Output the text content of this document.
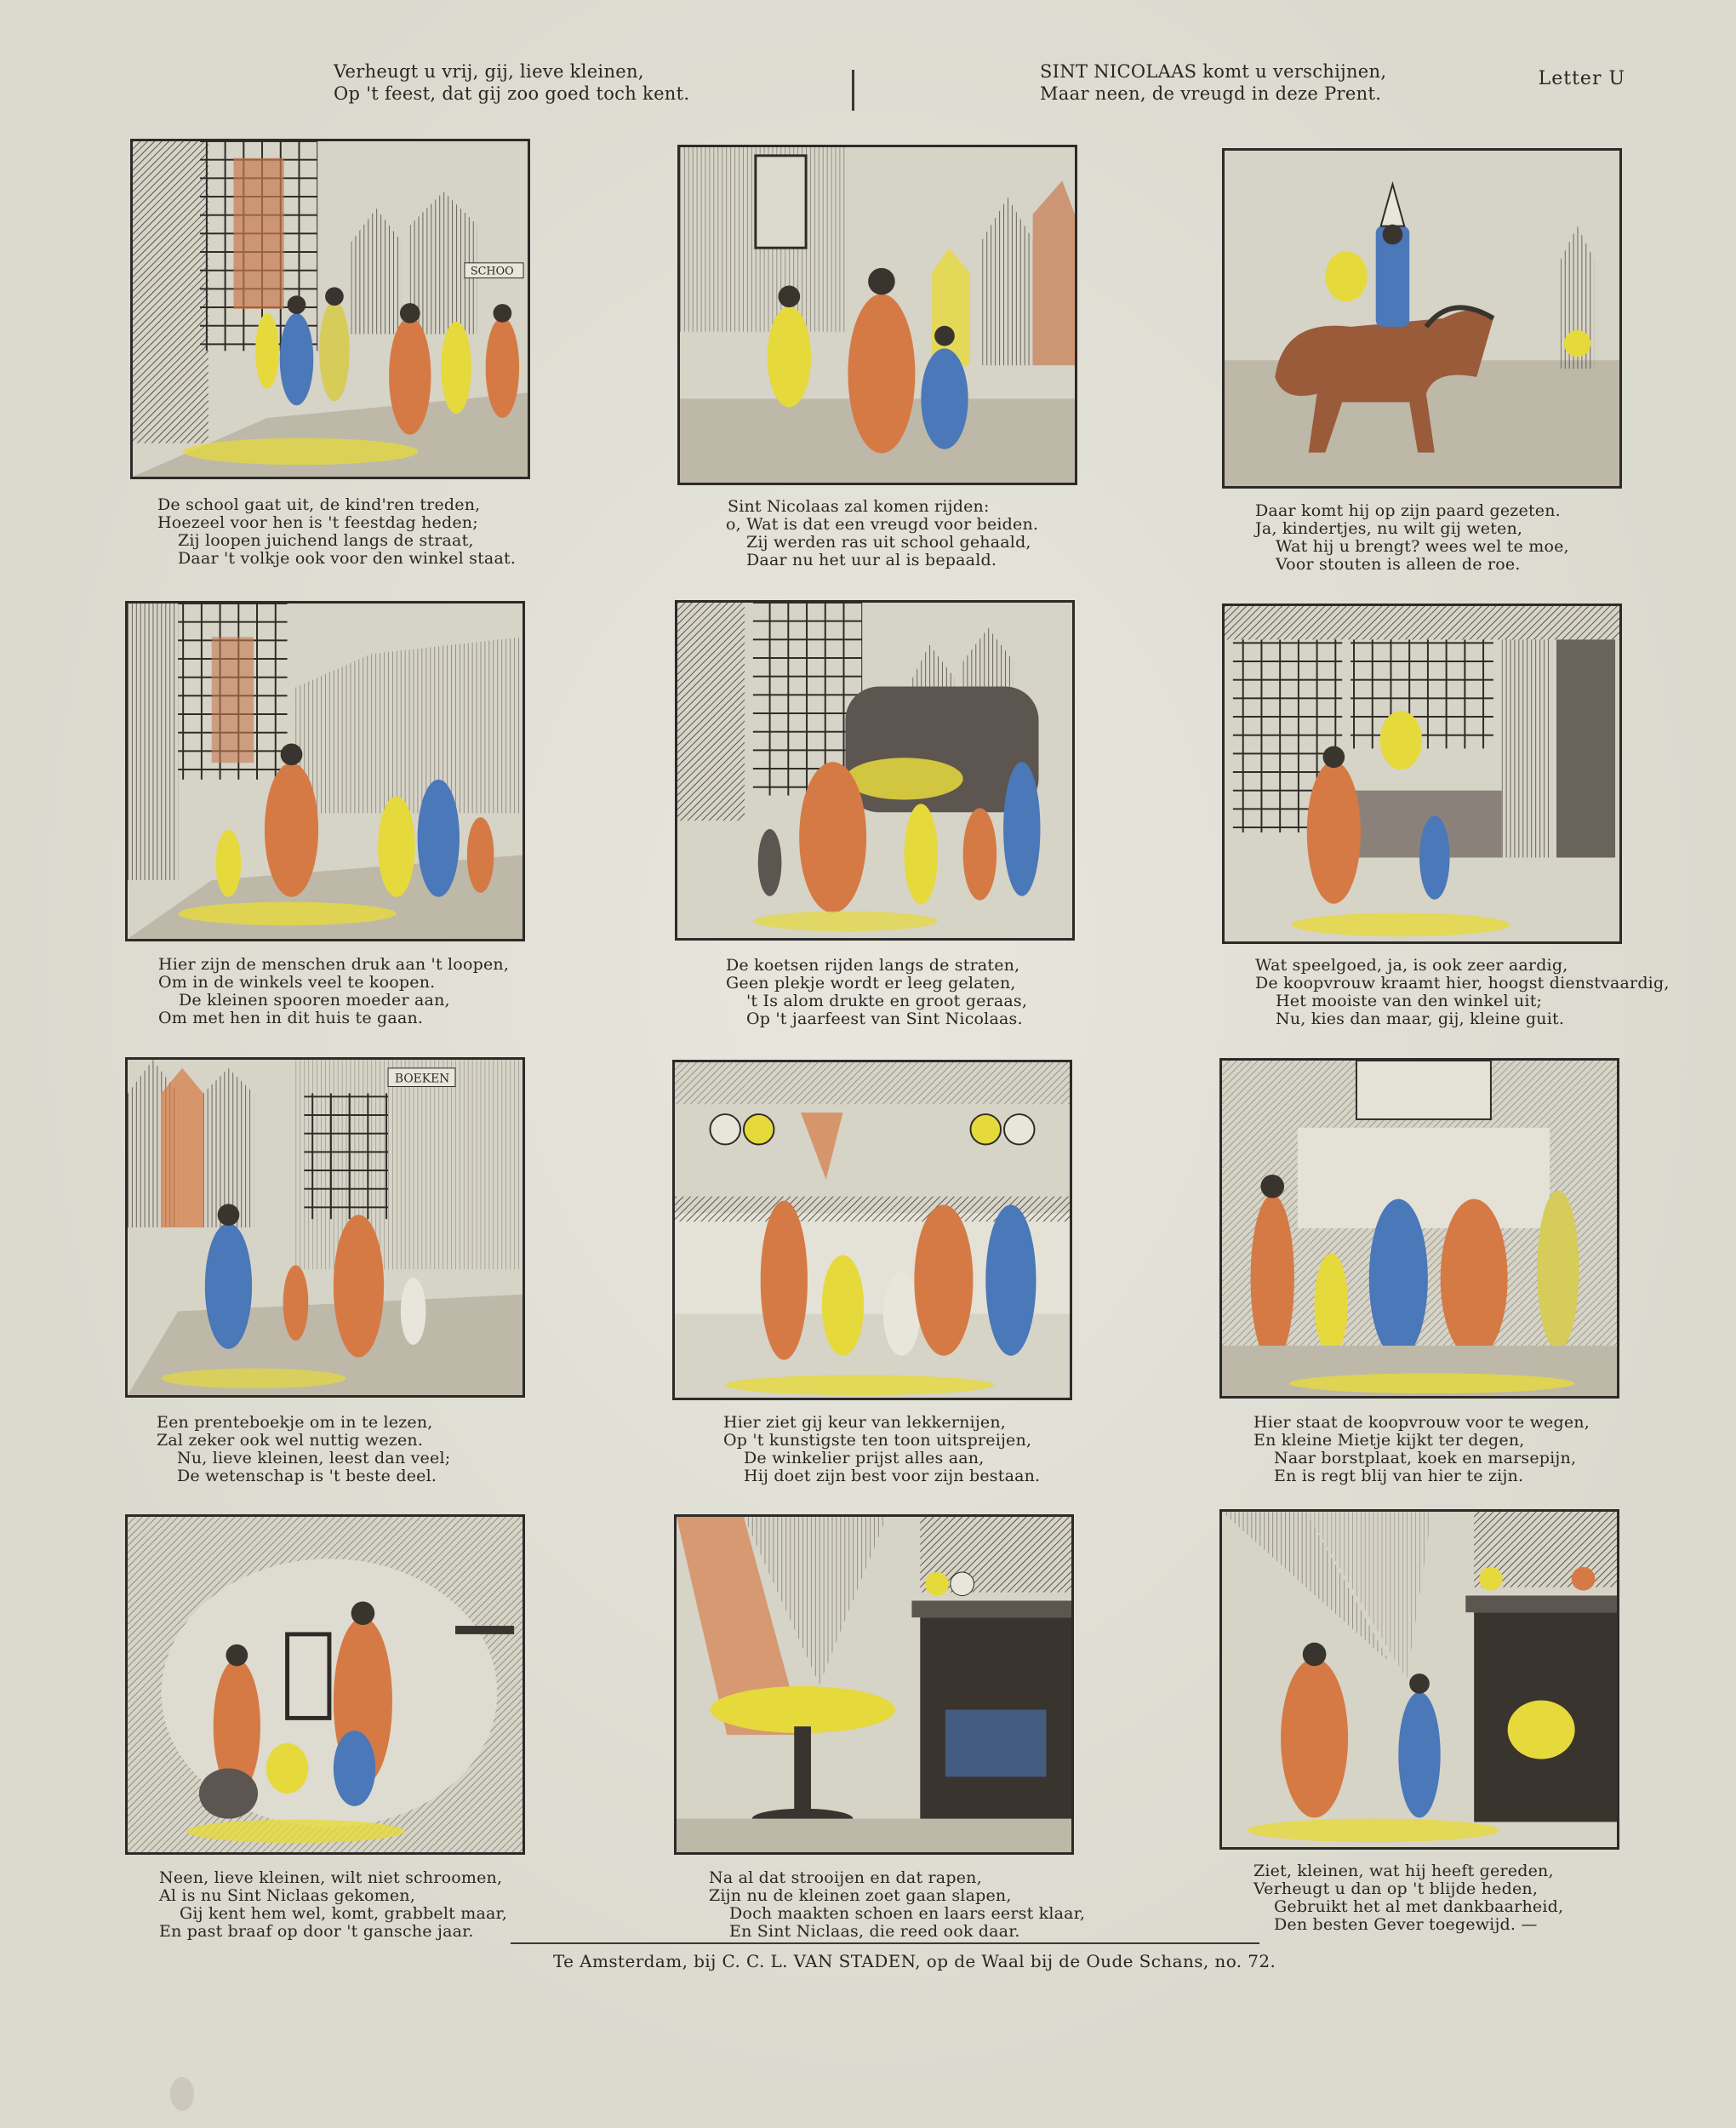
Verheugt u vrij, gij, lieve kleinen,
Op 't feest, dat gij zoo goed toch kent.
SINT NICOLAAS komt u verschijnen,
Maar neen, de vreugd in deze Prent.
Letter U
SCHOO
De school gaat uit, de kind'ren treden,
Hoezeel voor hen is 't feestdag heden;
Zij loopen juichend langs de straat,
Daar 't volkje ook voor den winkel staat.
Sint Nicolaas zal komen rijden:
o, Wat is dat een vreugd voor beiden.
Zij werden ras uit school gehaald,
Daar nu het uur al is bepaald.
Daar komt hij op zijn paard gezeten.
Ja, kindertjes, nu wilt gij weten,
Wat hij u brengt? wees wel te moe,
Voor stouten is alleen de roe.
Hier zijn de menschen druk aan 't loopen,
Om in de winkels veel te koopen.
De kleinen spooren moeder aan,
Om met hen in dit huis te gaan.
De koetsen rijden langs de straten,
Geen plekje wordt er leeg gelaten,
't Is alom drukte en groot geraas,
Op 't jaarfeest van Sint Nicolaas.
Wat speelgoed, ja, is ook zeer aardig,
De koopvrouw kraamt hier, hoogst dienstvaardig,
Het mooiste van den winkel uit;
Nu, kies dan maar, gij, kleine guit.
BOEKEN
Een prenteboekje om in te lezen,
Zal zeker ook wel nuttig wezen.
Nu, lieve kleinen, leest dan veel;
De wetenschap is 't beste deel.
Hier ziet gij keur van lekkernijen,
Op 't kunstigste ten toon uitspreijen,
De winkelier prijst alles aan,
Hij doet zijn best voor zijn bestaan.
Hier staat de koopvrouw voor te wegen,
En kleine Mietje kijkt ter degen,
Naar borstplaat, koek en marsepijn,
En is regt blij van hier te zijn.
Neen, lieve kleinen, wilt niet schroomen,
Al is nu Sint Niclaas gekomen,
Gij kent hem wel, komt, grabbelt maar,
En past braaf op door 't gansche jaar.
Na al dat strooijen en dat rapen,
Zijn nu de kleinen zoet gaan slapen,
Doch maakten schoen en laars eerst klaar,
En Sint Niclaas, die reed ook daar.
Ziet, kleinen, wat hij heeft gereden,
Verheugt u dan op 't blijde heden,
Gebruikt het al met dankbaarheid,
Den besten Gever toegewijd. —
Te Amsterdam, bij C. C. L. VAN STADEN, op de Waal bij de Oude Schans, no. 72.
